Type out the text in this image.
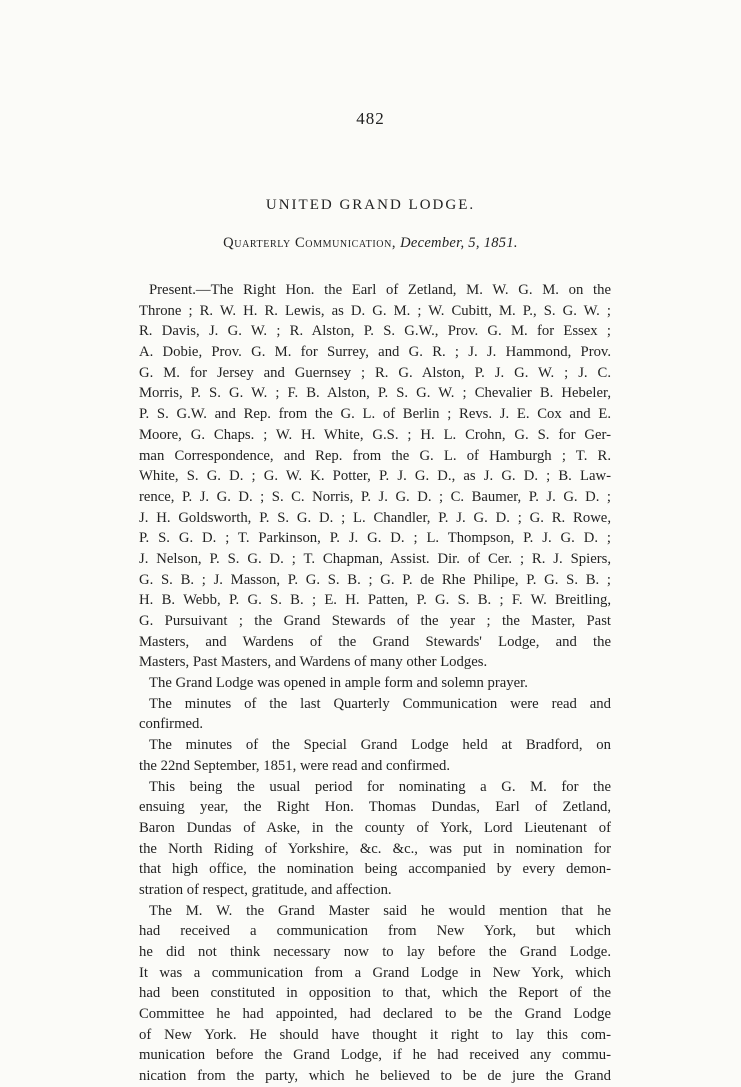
482
UNITED GRAND LODGE.
Quarterly Communication, December, 5, 1851.
Present.—The Right Hon. the Earl of Zetland, M. W. G. M. on the
Throne ; R. W. H. R. Lewis, as D. G. M. ; W. Cubitt, M. P., S. G. W. ;
R. Davis, J. G. W. ; R. Alston, P. S. G.W., Prov. G. M. for Essex ;
A. Dobie, Prov. G. M. for Surrey, and G. R. ; J. J. Hammond, Prov.
G. M. for Jersey and Guernsey ; R. G. Alston, P. J. G. W. ; J. C.
Morris, P. S. G. W. ; F. B. Alston, P. S. G. W. ; Chevalier B. Hebeler,
P. S. G.W. and Rep. from the G. L. of Berlin ; Revs. J. E. Cox and E.
Moore, G. Chaps. ; W. H. White, G.S. ; H. L. Crohn, G. S. for Ger-
man Correspondence, and Rep. from the G. L. of Hamburgh ; T. R.
White, S. G. D. ; G. W. K. Potter, P. J. G. D., as J. G. D. ; B. Law-
rence, P. J. G. D. ; S. C. Norris, P. J. G. D. ; C. Baumer, P. J. G. D. ;
J. H. Goldsworth, P. S. G. D. ; L. Chandler, P. J. G. D. ; G. R. Rowe,
P. S. G. D. ; T. Parkinson, P. J. G. D. ; L. Thompson, P. J. G. D. ;
J. Nelson, P. S. G. D. ; T. Chapman, Assist. Dir. of Cer. ; R. J. Spiers,
G. S. B. ; J. Masson, P. G. S. B. ; G. P. de Rhe Philipe, P. G. S. B. ;
H. B. Webb, P. G. S. B. ; E. H. Patten, P. G. S. B. ; F. W. Breitling,
G. Pursuivant ; the Grand Stewards of the year ; the Master, Past
Masters, and Wardens of the Grand Stewards' Lodge, and the
Masters, Past Masters, and Wardens of many other Lodges.
The Grand Lodge was opened in ample form and solemn prayer.
The minutes of the last Quarterly Communication were read and
confirmed.
The minutes of the Special Grand Lodge held at Bradford, on
the 22nd September, 1851, were read and confirmed.
This being the usual period for nominating a G. M. for the
ensuing year, the Right Hon. Thomas Dundas, Earl of Zetland,
Baron Dundas of Aske, in the county of York, Lord Lieutenant of
the North Riding of Yorkshire, &c. &c., was put in nomination for
that high office, the nomination being accompanied by every demon-
stration of respect, gratitude, and affection.
The M. W. the Grand Master said he would mention that he
had received a communication from New York, but which
he did not think necessary now to lay before the Grand Lodge.
It was a communication from a Grand Lodge in New York, which
had been constituted in opposition to that, which the Report of the
Committee he had appointed, had declared to be the Grand Lodge
of New York. He should have thought it right to lay this com-
munication before the Grand Lodge, if he had received any commu-
nication from the party, which he believed to be de jure the Grand
